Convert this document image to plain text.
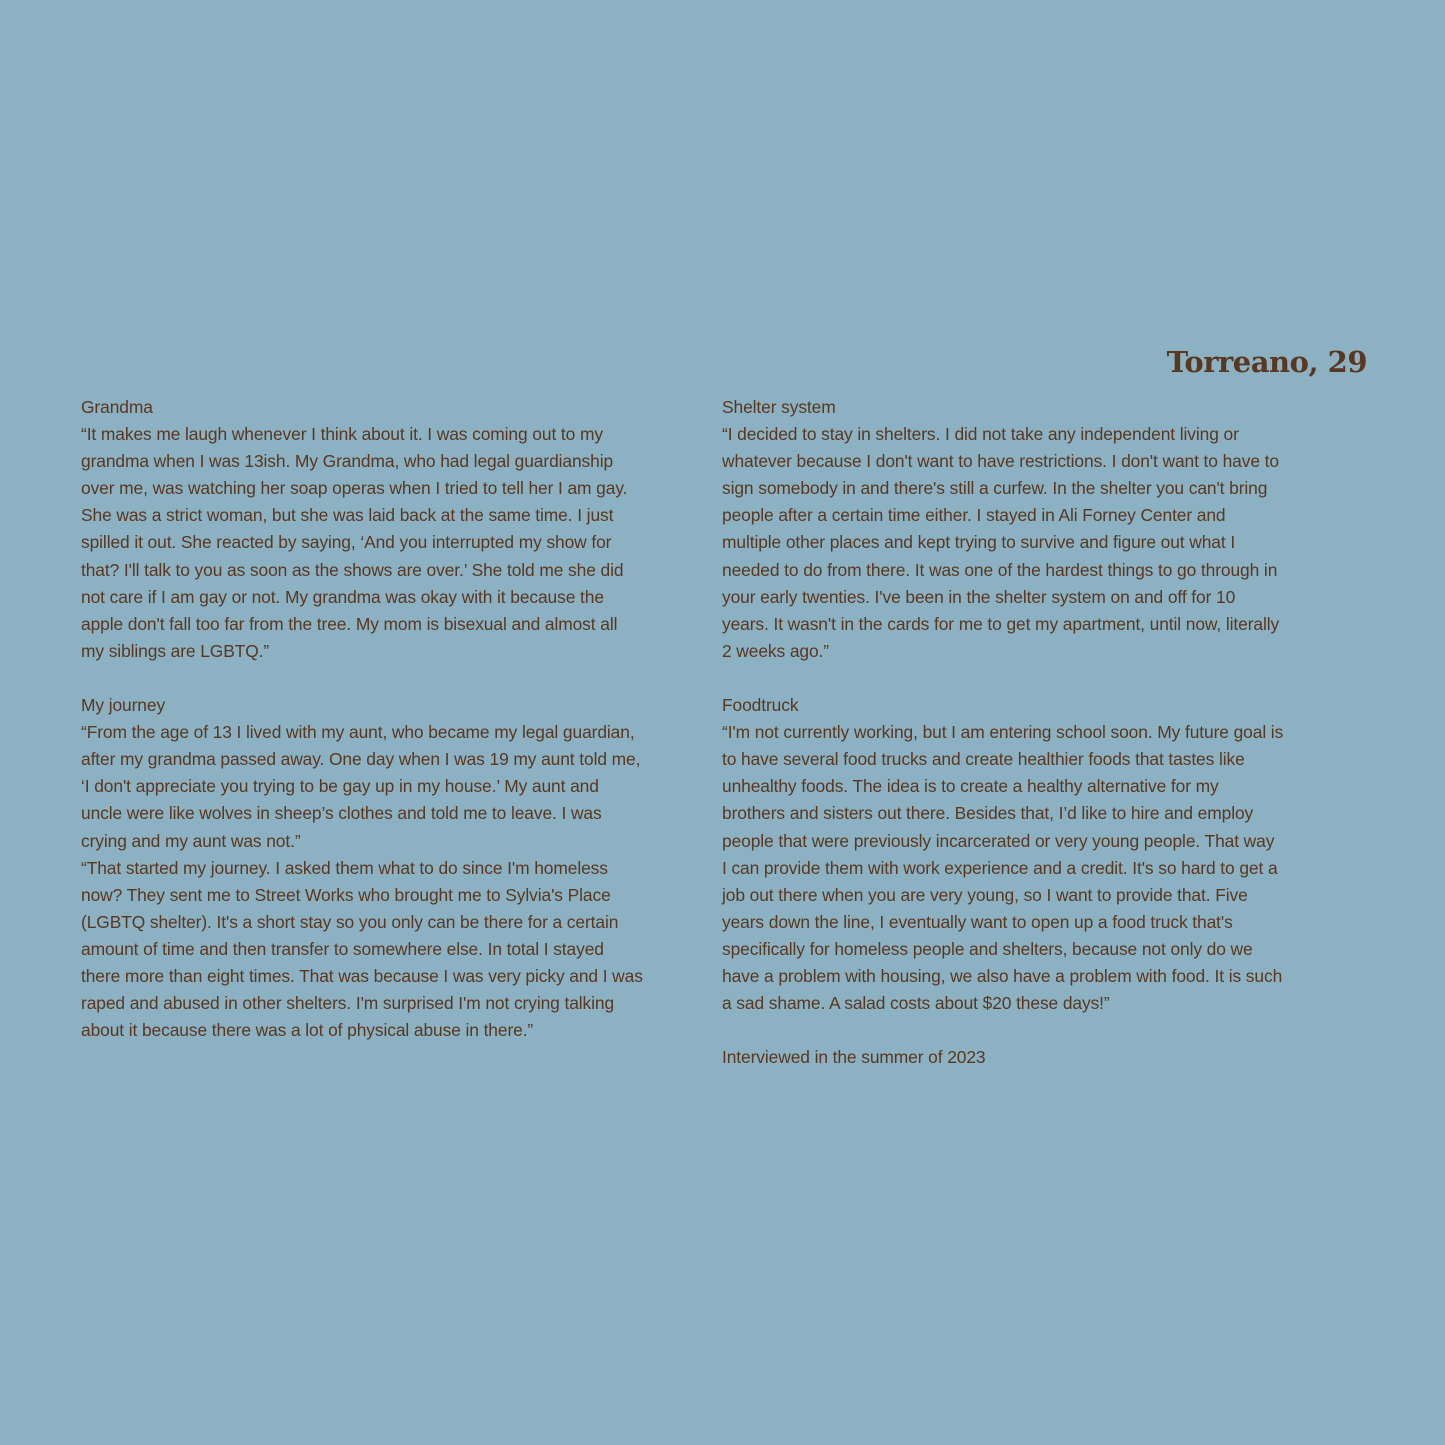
Torreano, 29
Grandma
“It makes me laugh whenever I think about it. I was coming out to my
grandma when I was 13ish. My Grandma, who had legal guardianship
over me, was watching her soap operas when I tried to tell her I am gay.
She was a strict woman, but she was laid back at the same time. I just
spilled it out. She reacted by saying, ‘And you interrupted my show for
that? I'll talk to you as soon as the shows are over.’ She told me she did
not care if I am gay or not. My grandma was okay with it because the
apple don't fall too far from the tree. My mom is bisexual and almost all
my siblings are LGBTQ.”
My journey
“From the age of 13 I lived with my aunt, who became my legal guardian,
after my grandma passed away. One day when I was 19 my aunt told me,
‘I don't appreciate you trying to be gay up in my house.’ My aunt and
uncle were like wolves in sheep’s clothes and told me to leave. I was
crying and my aunt was not.”
“That started my journey. I asked them what to do since I'm homeless
now? They sent me to Street Works who brought me to Sylvia's Place
(LGBTQ shelter). It's a short stay so you only can be there for a certain
amount of time and then transfer to somewhere else. In total I stayed
there more than eight times. That was because I was very picky and I was
raped and abused in other shelters. I'm surprised I'm not crying talking
about it because there was a lot of physical abuse in there.”
Shelter system
“I decided to stay in shelters. I did not take any independent living or
whatever because I don't want to have restrictions. I don't want to have to
sign somebody in and there's still a curfew. In the shelter you can't bring
people after a certain time either. I stayed in Ali Forney Center and
multiple other places and kept trying to survive and figure out what I
needed to do from there. It was one of the hardest things to go through in
your early twenties. I've been in the shelter system on and off for 10
years. It wasn't in the cards for me to get my apartment, until now, literally
2 weeks ago.”
Foodtruck
“I'm not currently working, but I am entering school soon. My future goal is
to have several food trucks and create healthier foods that tastes like
unhealthy foods. The idea is to create a healthy alternative for my
brothers and sisters out there. Besides that, I’d like to hire and employ
people that were previously incarcerated or very young people. That way
I can provide them with work experience and a credit. It's so hard to get a
job out there when you are very young, so I want to provide that. Five
years down the line, I eventually want to open up a food truck that's
specifically for homeless people and shelters, because not only do we
have a problem with housing, we also have a problem with food. It is such
a sad shame. A salad costs about $20 these days!”
Interviewed in the summer of 2023
